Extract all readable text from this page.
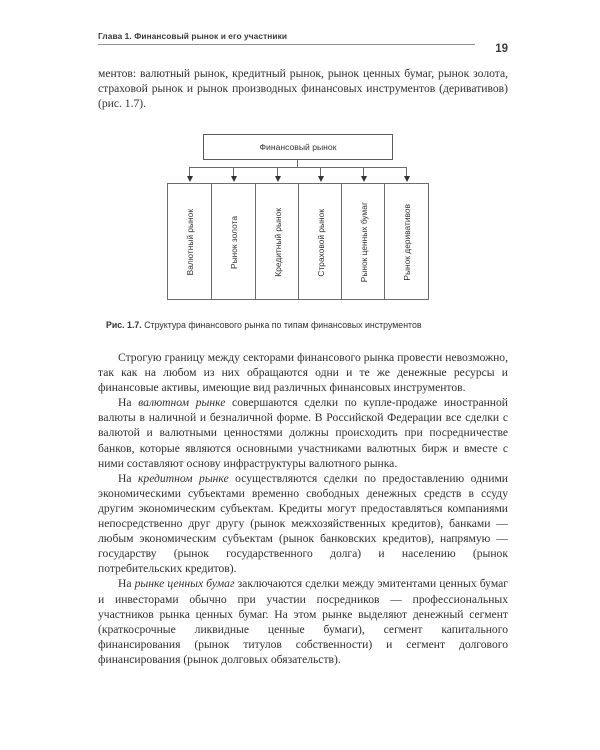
Глава 1. Финансовый рынок и его участники
19

ментов: валютный рынок, кредитный рынок, рынок ценных бумаг, рынок золота, страховой рынок и рынок производных финансовых инструментов (деривативов) (рис. 1.7).

Финансовый рынок
Валютный рынок	Рынок золота	Кредитный рынок	Страховой рынок	Рынок ценных бумаг	Рынок деривативов
Рис. 1.7. Структура финансового рынка по типам финансовых инструментов

Строгую границу между секторами финансового рынка провести невозможно, так как на любом из них обращаются одни и те же денежные ресурсы и финансовые активы, имеющие вид различных финансовых инструментов.

На валютном рынке совершаются сделки по купле-продаже иностранной валюты в наличной и безналичной форме. В Российской Федерации все сделки с валютой и валютными ценностями должны происходить при посредничестве банков, которые являются основными участниками валютных бирж и вместе с ними составляют основу инфраструктуры валютного рынка.

На кредитном рынке осуществляются сделки по предоставлению одними экономическими субъектами временно свободных денежных средств в ссуду другим экономическим субъектам. Кредиты могут предоставляться компаниями непосредственно друг другу (рынок межхозяйственных кредитов), банками — любым экономическим субъектам (рынок банковских кредитов), напрямую — государству (рынок государственного долга) и населению (рынок потребительских кредитов).

На рынке ценных бумаг заключаются сделки между эмитентами ценных бумаг и инвесторами обычно при участии посредников — профессиональных участников рынка ценных бумаг. На этом рынке выделяют денежный сегмент (краткосрочные ликвидные ценные бумаги), сегмент капитального финансирования (рынок титулов собственности) и сегмент долгового финансирования (рынок долговых обязательств).
